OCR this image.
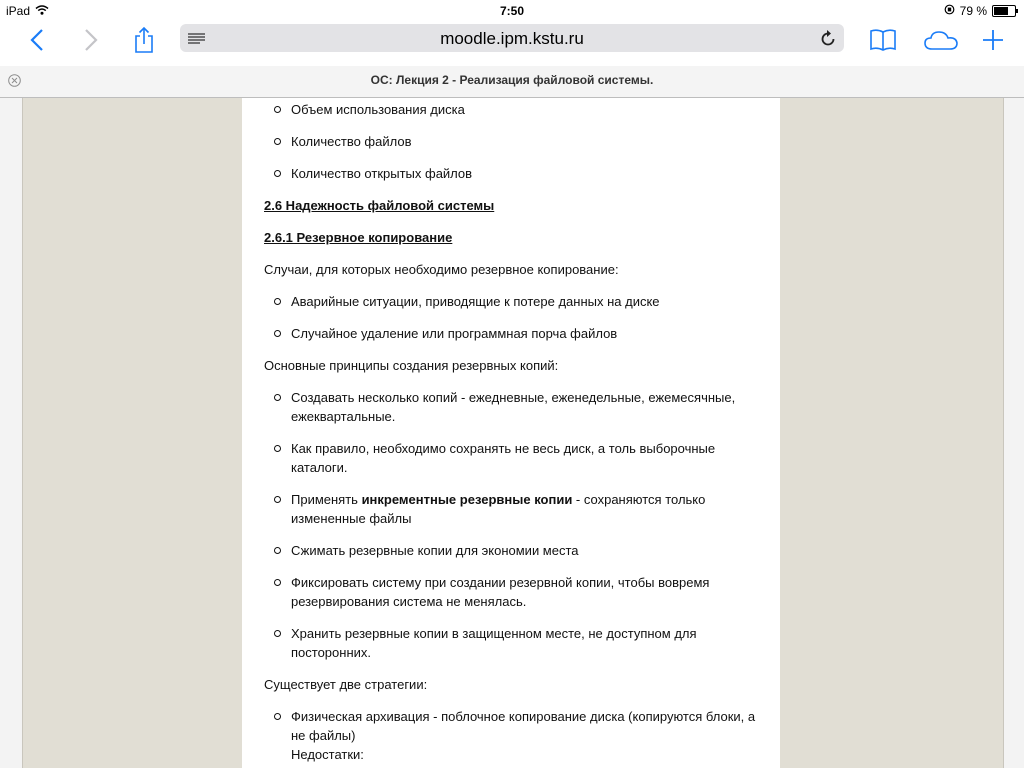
iPad	7:50	79 %
moodle.ipm.kstu.ru
ОС: Лекция 2 - Реализация файловой системы.
Объем использования диска
Количество файлов
Количество открытых файлов
2.6 Надежность файловой системы
2.6.1 Резервное копирование

Случаи, для которых необходимо резервное копирование:

Аварийные ситуации, приводящие к потере данных на диске
Случайное удаление или программная порча файлов

Основные принципы создания резервных копий:

Создавать несколько копий - ежедневные, еженедельные, ежемесячные, ежеквартальные.
Как правило, необходимо сохранять не весь диск, а толь выборочные каталоги.
Применять инкрементные резервные копии - сохраняются только измененные файлы
Сжимать резервные копии для экономии места
Фиксировать систему при создании резервной копии, чтобы вовремя резервирования система не менялась.
Хранить резервные копии в защищенном месте, не доступном для посторонних.

Существует две стратегии:

Физическая архивация - поблочное копирование диска (копируются блоки, а не файлы)
Недостатки:
